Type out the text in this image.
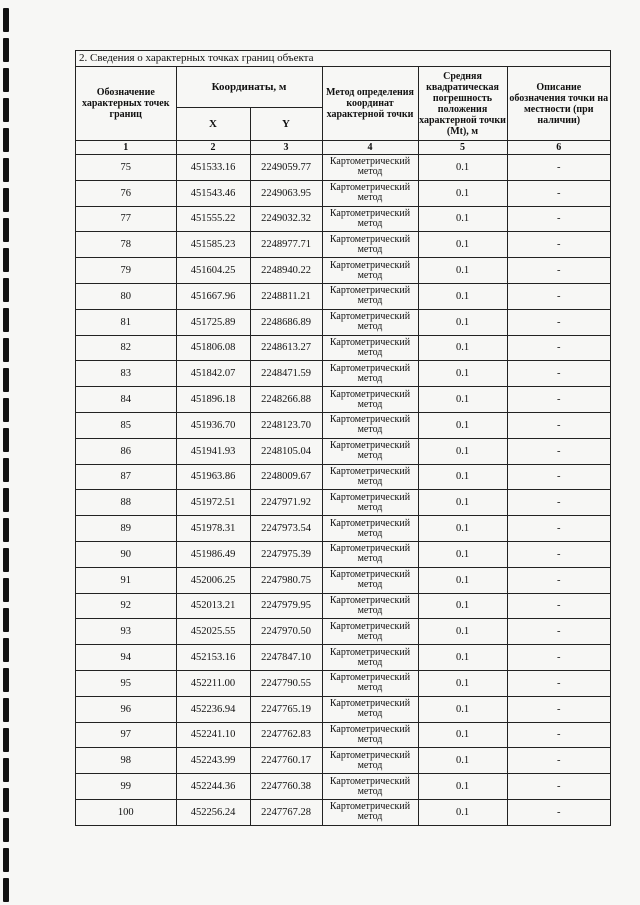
2. Сведения о характерных точках границ объекта
Обозначение характерных точек границ	Координаты, м		Метод определения координат характерной точки	Средняя квадратическая погрешность положения характерной точки (Mt), м	Описание обозначения точки на местности (при наличии)
	X	Y			
1	2	3	4	5	6
75	451533.16	2249059.77	Картометрический
метод	0.1	-
76	451543.46	2249063.95	Картометрический
метод	0.1	-
77	451555.22	2249032.32	Картометрический
метод	0.1	-
78	451585.23	2248977.71	Картометрический
метод	0.1	-
79	451604.25	2248940.22	Картометрический
метод	0.1	-
80	451667.96	2248811.21	Картометрический
метод	0.1	-
81	451725.89	2248686.89	Картометрический
метод	0.1	-
82	451806.08	2248613.27	Картометрический
метод	0.1	-
83	451842.07	2248471.59	Картометрический
метод	0.1	-
84	451896.18	2248266.88	Картометрический
метод	0.1	-
85	451936.70	2248123.70	Картометрический
метод	0.1	-
86	451941.93	2248105.04	Картометрический
метод	0.1	-
87	451963.86	2248009.67	Картометрический
метод	0.1	-
88	451972.51	2247971.92	Картометрический
метод	0.1	-
89	451978.31	2247973.54	Картометрический
метод	0.1	-
90	451986.49	2247975.39	Картометрический
метод	0.1	-
91	452006.25	2247980.75	Картометрический
метод	0.1	-
92	452013.21	2247979.95	Картометрический
метод	0.1	-
93	452025.55	2247970.50	Картометрический
метод	0.1	-
94	452153.16	2247847.10	Картометрический
метод	0.1	-
95	452211.00	2247790.55	Картометрический
метод	0.1	-
96	452236.94	2247765.19	Картометрический
метод	0.1	-
97	452241.10	2247762.83	Картометрический
метод	0.1	-
98	452243.99	2247760.17	Картометрический
метод	0.1	-
99	452244.36	2247760.38	Картометрический
метод	0.1	-
100	452256.24	2247767.28	Картометрический
метод	0.1	-
